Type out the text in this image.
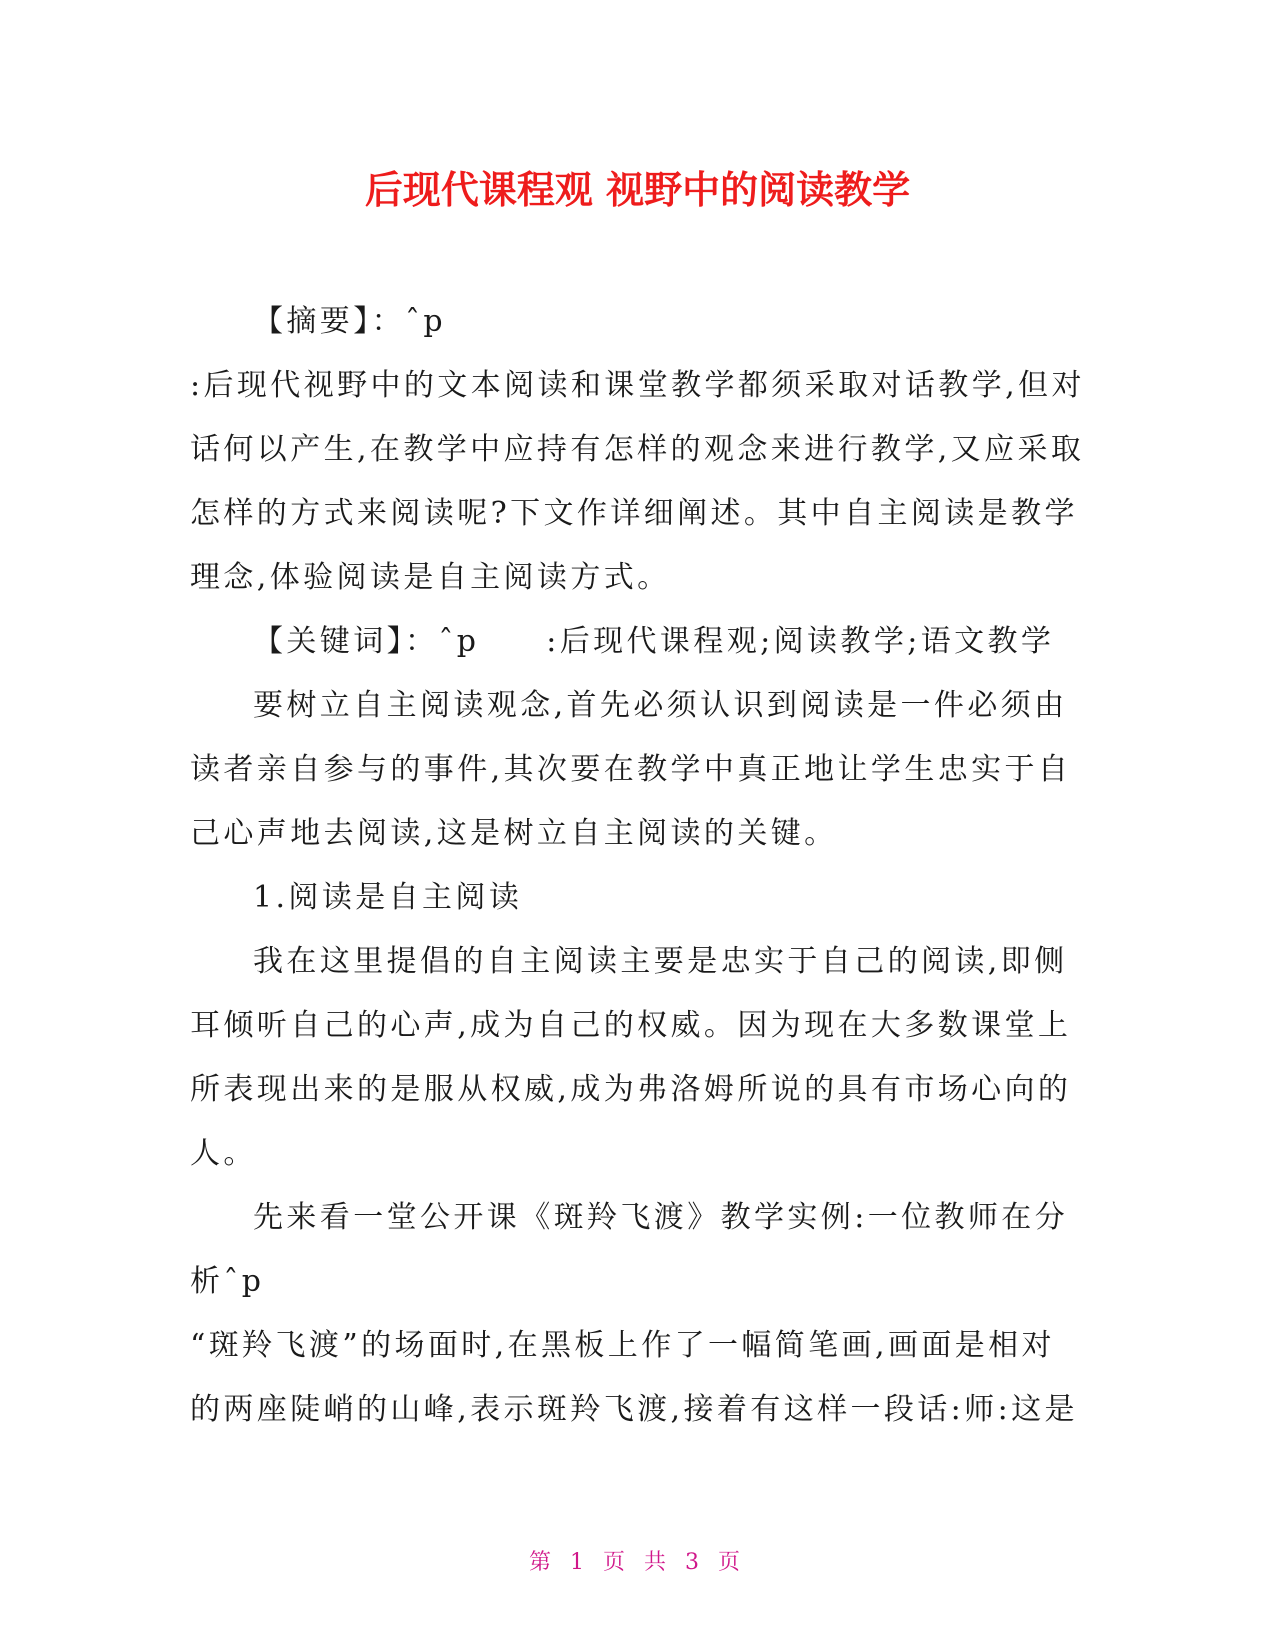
后现代课程观 视野中的阅读教学
【摘要】：ˆp
:后现代视野中的文本阅读和课堂教学都须采取对话教学,但对
话何以产生,在教学中应持有怎样的观念来进行教学,又应采取
怎样的方式来阅读呢?下文作详细阐述。其中自主阅读是教学
理念,体验阅读是自主阅读方式。
【关键词】：ˆp　　:后现代课程观;阅读教学;语文教学
要树立自主阅读观念,首先必须认识到阅读是一件必须由
读者亲自参与的事件,其次要在教学中真正地让学生忠实于自
己心声地去阅读,这是树立自主阅读的关键。
1.阅读是自主阅读
我在这里提倡的自主阅读主要是忠实于自己的阅读,即侧
耳倾听自己的心声,成为自己的权威。因为现在大多数课堂上
所表现出来的是服从权威,成为弗洛姆所说的具有市场心向的
人。
先来看一堂公开课《斑羚飞渡》教学实例:一位教师在分
析ˆp
“斑羚飞渡”的场面时,在黑板上作了一幅简笔画,画面是相对
的两座陡峭的山峰,表示斑羚飞渡,接着有这样一段话:师:这是
第 1 页 共 3 页
